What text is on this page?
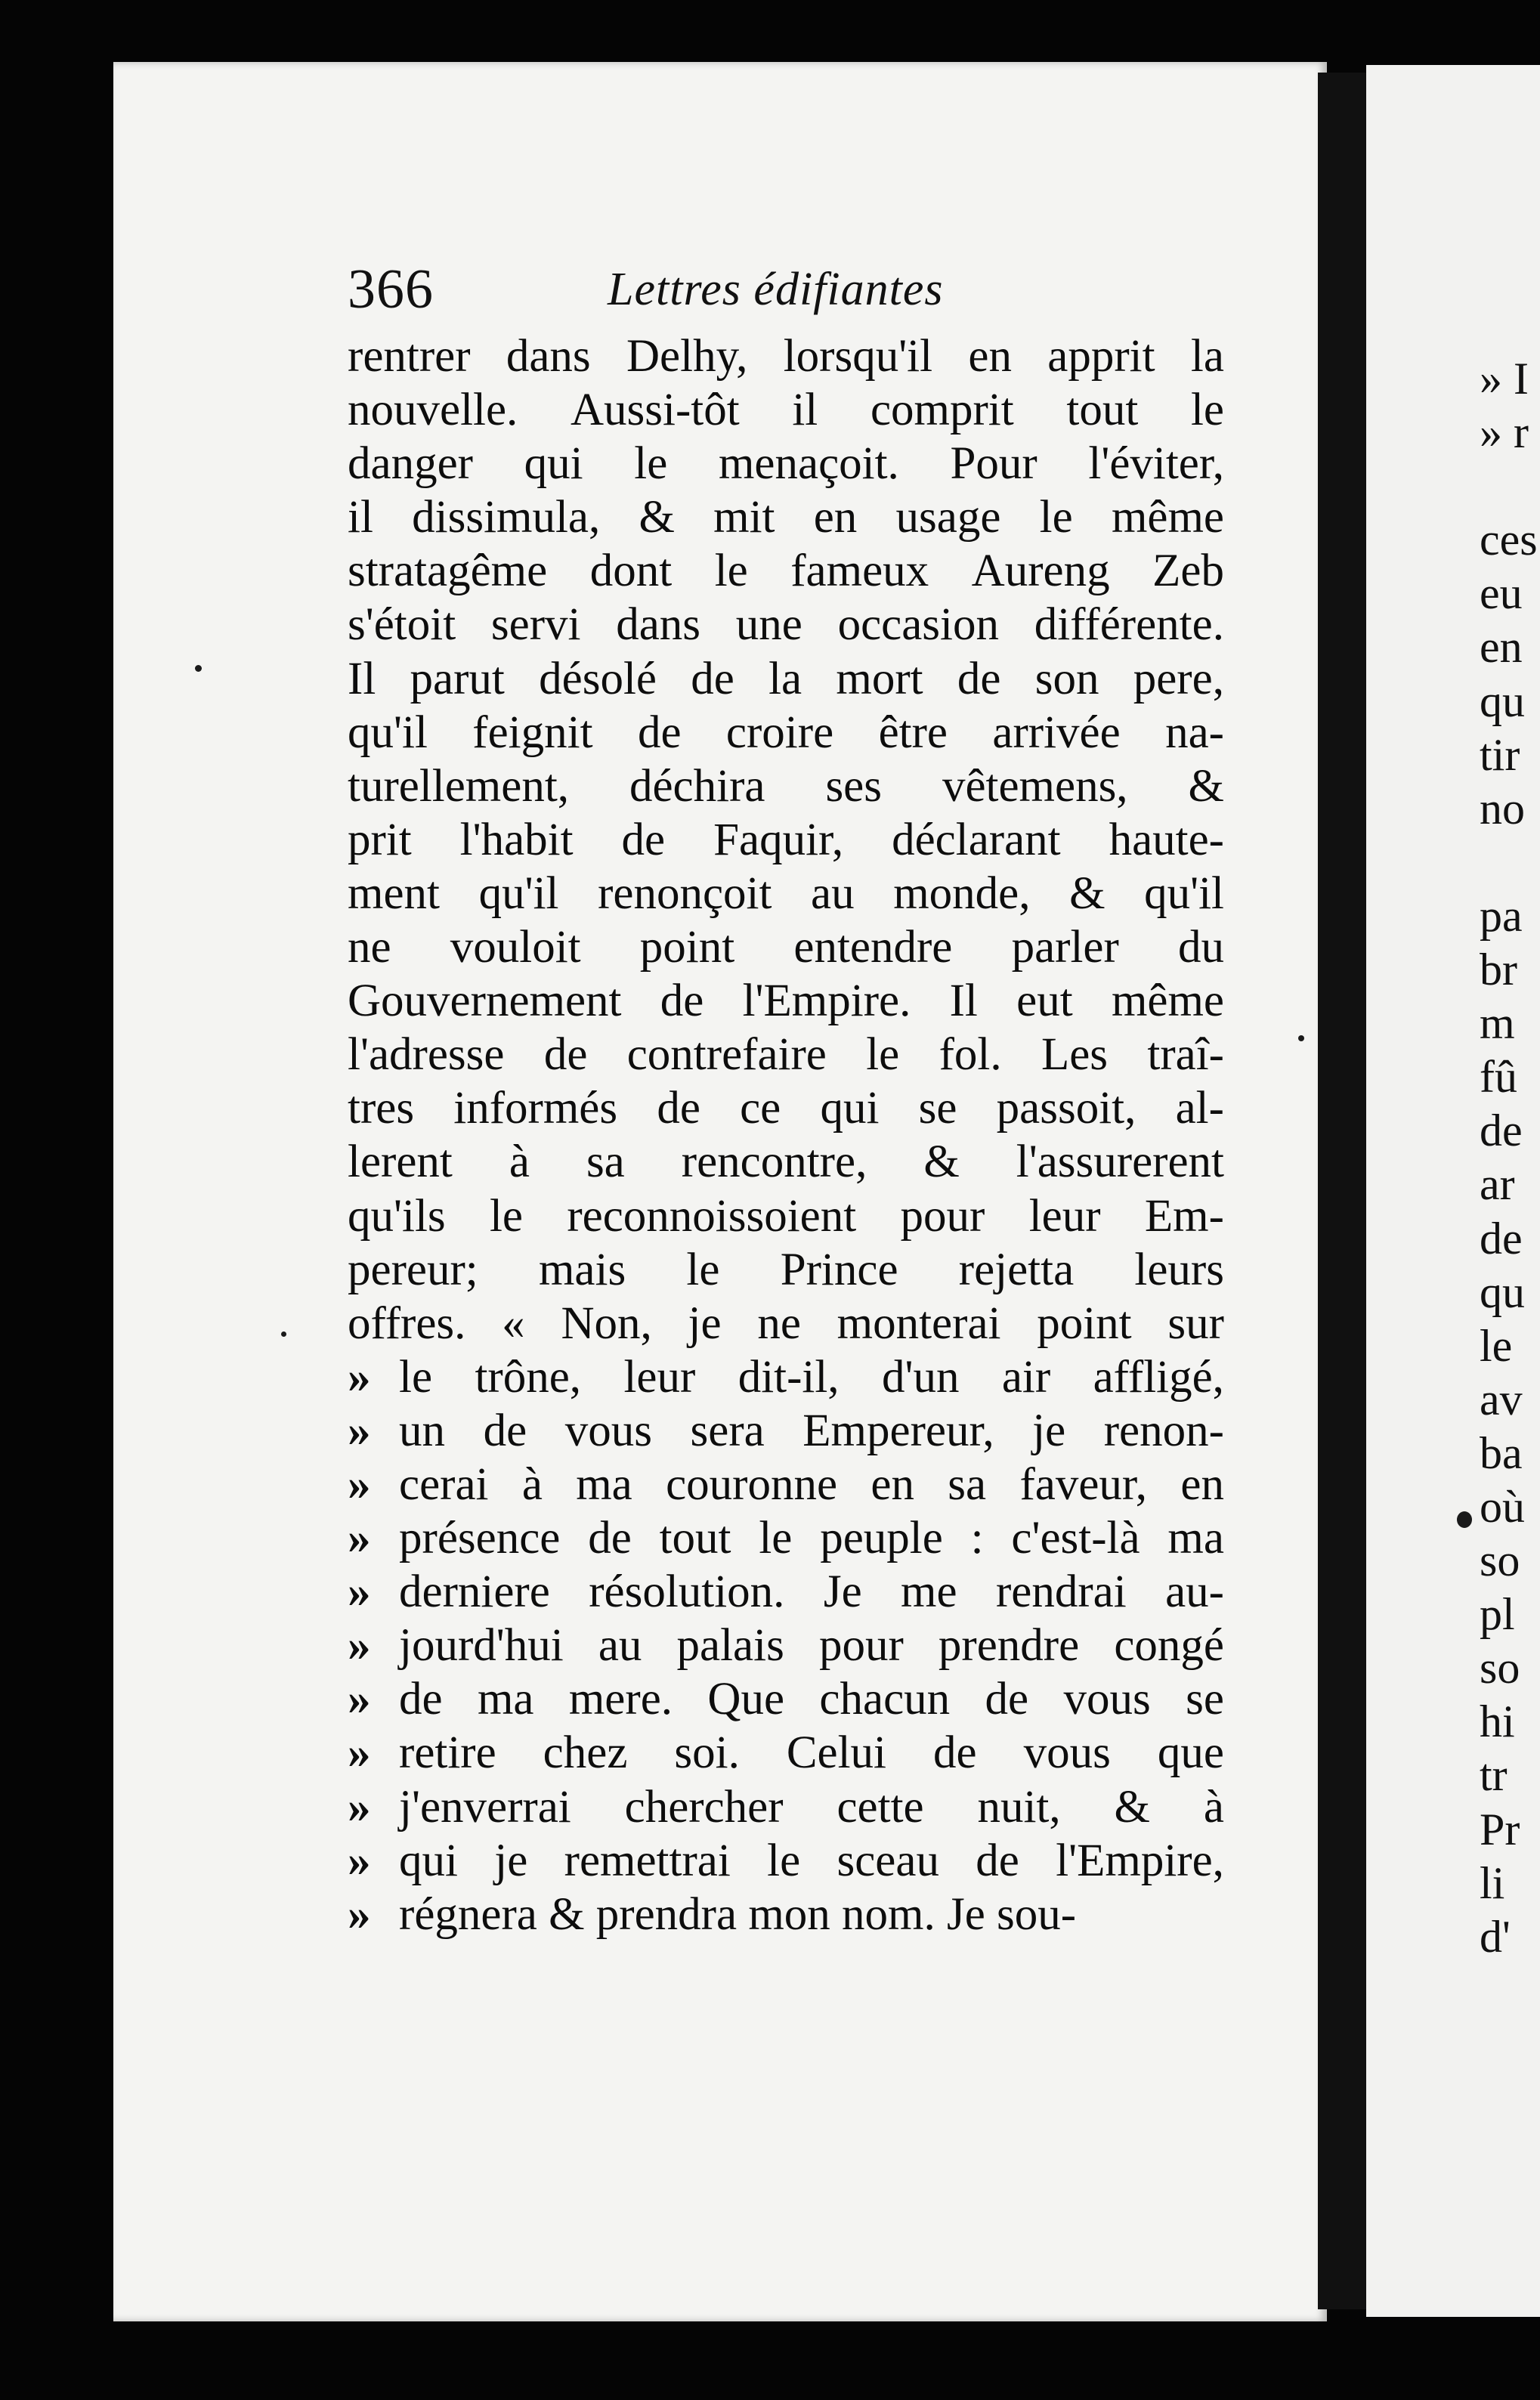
» I
» r
ces
eu
en
qu
tir
no
pa
br
m
fû
de
ar
de
qu
le
av
ba
où
so
pl
so
hi
tr
Pr
li
d'
366	Lettres édifiantes
rentrer dans Delhy, lorsqu'il en apprit la
nouvelle. Aussi-tôt il comprit tout le
danger qui le menaçoit. Pour l'éviter,
il dissimula, & mit en usage le même
stratagême dont le fameux Aureng Zeb
s'étoit servi dans une occasion différente.
Il parut désolé de la mort de son pere,
qu'il feignit de croire être arrivée na-
turellement, déchira ses vêtemens, &
prit l'habit de Faquir, déclarant haute-
ment qu'il renonçoit au monde, & qu'il
ne vouloit point entendre parler du
Gouvernement de l'Empire. Il eut même
l'adresse de contrefaire le fol. Les traî-
tres informés de ce qui se passoit, al-
lerent à sa rencontre, & l'assurerent
qu'ils le reconnoissoient pour leur Em-
pereur; mais le Prince rejetta leurs
offres. « Non, je ne monterai point sur
» le trône, leur dit-il, d'un air affligé,
» un de vous sera Empereur, je renon-
» cerai à ma couronne en sa faveur, en
» présence de tout le peuple : c'est-là ma
» derniere résolution. Je me rendrai au-
» jourd'hui au palais pour prendre congé
» de ma mere. Que chacun de vous se
» retire chez soi. Celui de vous que
» j'enverrai chercher cette nuit, & à
» qui je remettrai le sceau de l'Empire,
» régnera & prendra mon nom. Je sou-
